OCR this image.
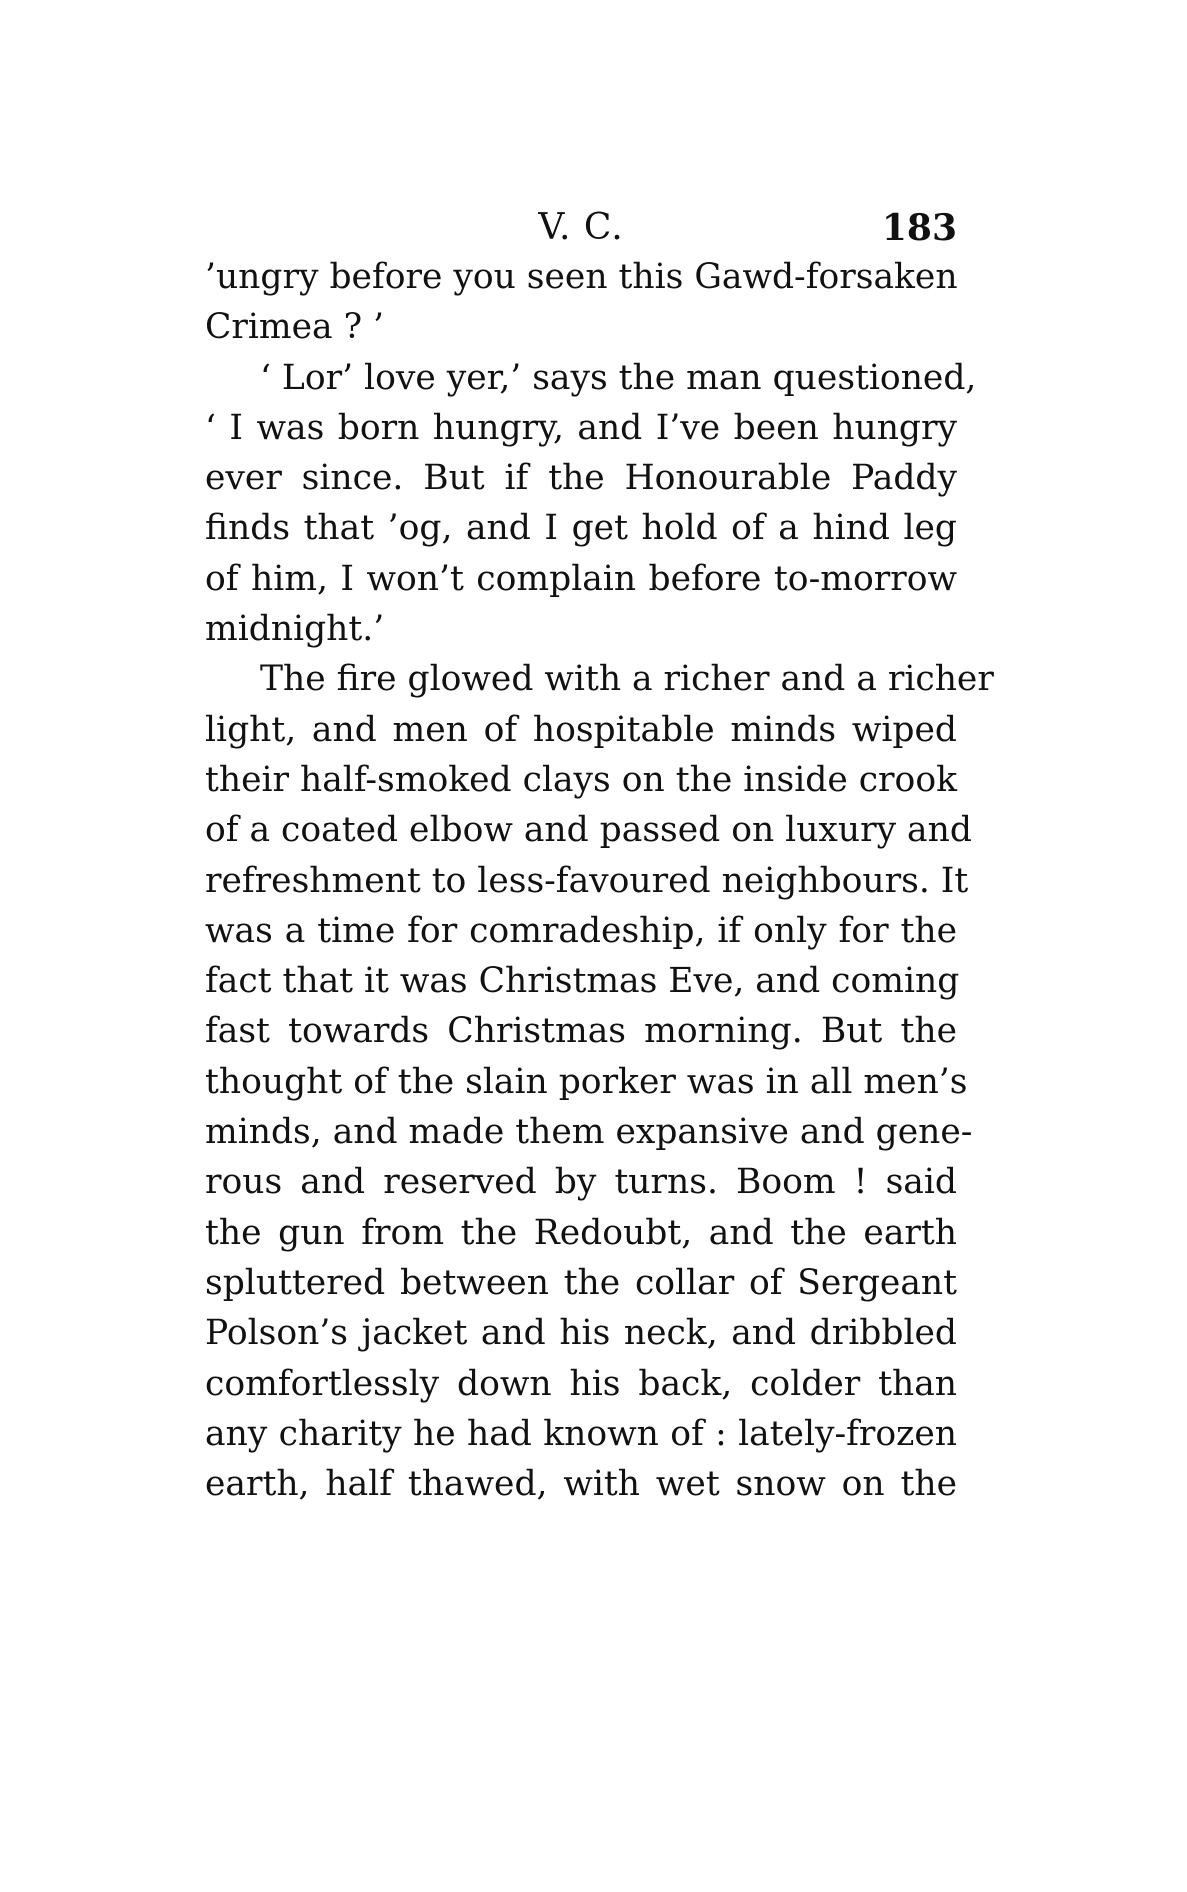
V. C.	183
’ungry before you seen this Gawd-forsaken
Crimea ? ’
‘ Lor’ love yer,’ says the man questioned,
‘ I was born hungry, and I’ve been hungry
ever since. But if the Honourable Paddy
finds that ’og, and I get hold of a hind leg
of him, I won’t complain before to-morrow
midnight.’
The fire glowed with a richer and a richer
light, and men of hospitable minds wiped
their half-smoked clays on the inside crook
of a coated elbow and passed on luxury and
refreshment to less-favoured neighbours. It
was a time for comradeship, if only for the
fact that it was Christmas Eve, and coming
fast towards Christmas morning. But the
thought of the slain porker was in all men’s
minds, and made them expansive and gene-
rous and reserved by turns. Boom ! said
the gun from the Redoubt, and the earth
spluttered between the collar of Sergeant
Polson’s jacket and his neck, and dribbled
comfortlessly down his back, colder than
any charity he had known of : lately-frozen
earth, half thawed, with wet snow on the
